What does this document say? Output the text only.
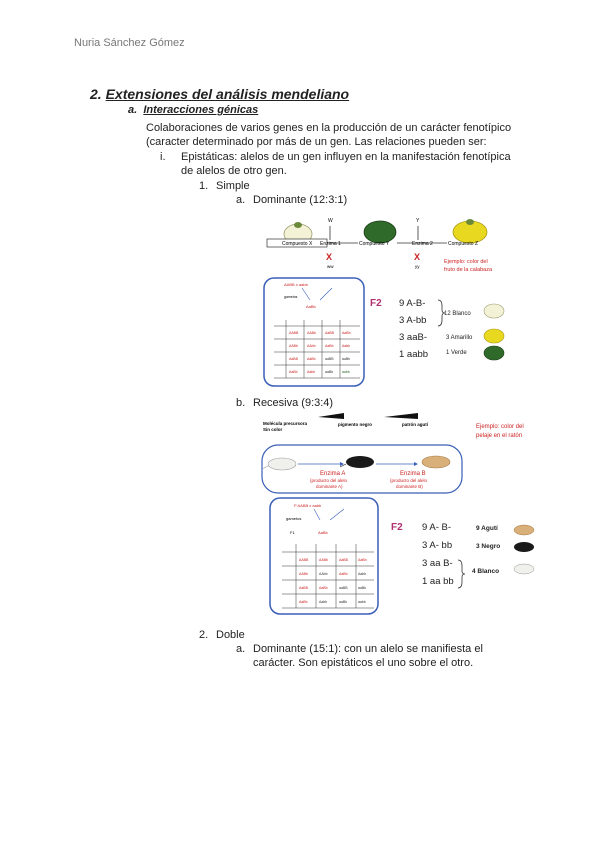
Nuria Sánchez Gómez
2. Extensiones del análisis mendeliano
a. Interacciones génicas
Colaboraciones de varios genes en la producción de un carácter fenotípico
(caracter determinado por más de un gen. Las relaciones pueden ser:
i. Epistáticas: alelos de un gen influyen en la manifestación fenotípica
de alelos de otro gen.
1. Simple
a. Dominante (12:3:1)
W	Y
Compuesto X Enzima 1	Compuesto Y	Enzima 2	Compuesto Z
X	X
ww	yy
Ejemplo: color del
fruto de la calabaza
AABB x aabb
gametos
AaBb
AABB AABb	AaBB AaBb
AABb	AAbb	AaBb Aabb
AaBB	AaBb	aaBB aaBb
AaBb	Aabb	aaBb	aabb
F2 9 A-B-
3 A-bb
3 aaB-
1 aabb
12 Blanco
3 Amarillo
1 Verde
b. Recesiva (9:3:4)
Molécula precursora
Sin color
pigmento negro	patrón agutí	Ejemplo: color del
pelaje en el ratón
Enzima A
(producto del alelo
dominante A)
Enzima B
(producto del alelo
dominante B)
P AABB x aabb
gametos
F1	AaBb
AABB	AABb	AaBB	AaBb
AABb	AAbb	AaBb	Aabb
AaBB	AaBb	aaBB	aaBb
AaBb	Aabb	aaBb	aabb
F2 9 A- B-
3 A- bb
3 aa B-
1 aa bb
9 Agutí
3 Negro
4 Blanco
2. Doble
a. Dominante (15:1): con un alelo se manifiesta el
carácter. Son epistáticos el uno sobre el otro.
